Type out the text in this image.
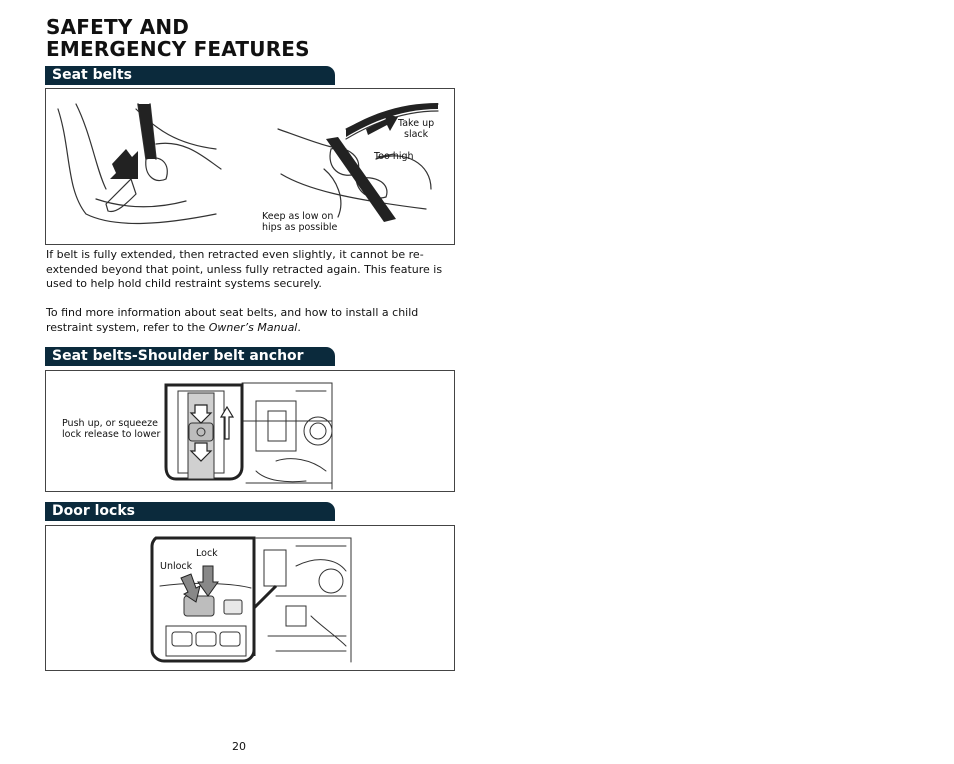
SAFETY AND
EMERGENCY FEATURES
Seat belts
Take up
slack
Too high
Keep as low on
hips as possible

If belt is fully extended, then retracted even slightly, it cannot be re-extended beyond that point, unless fully retracted again. This feature is used to help hold child restraint systems securely.

To find more information about seat belts, and how to install a child restraint system, refer to the Owner’s Manual.

Seat belts-Shoulder belt anchor
Push up, or squeeze
lock release to lower
Door locks
Lock
Unlock
20
